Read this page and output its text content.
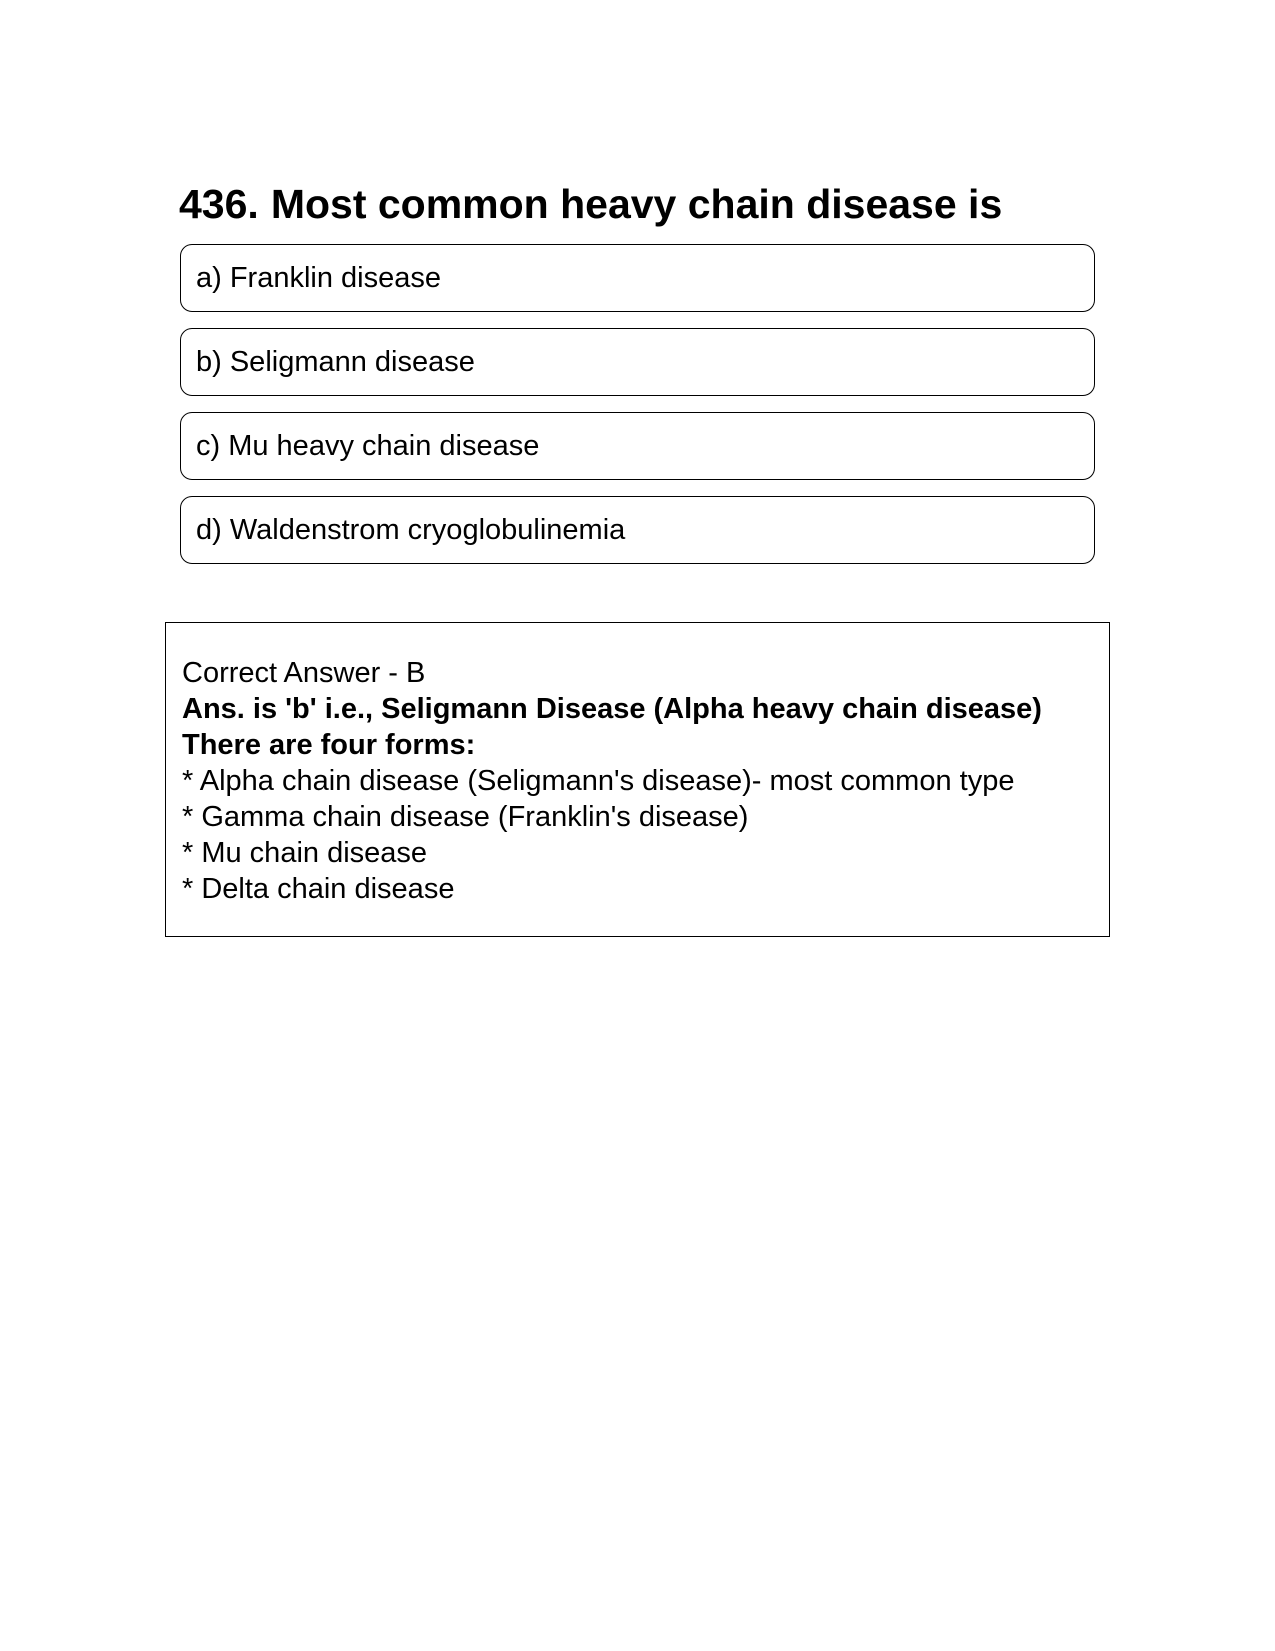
436. Most common heavy chain disease is
a) Franklin disease
b) Seligmann disease
c) Mu heavy chain disease
d) Waldenstrom cryoglobulinemia
Correct Answer - B
Ans. is 'b' i.e., Seligmann Disease (Alpha heavy chain disease)
There are four forms:
* Alpha chain disease (Seligmann's disease)- most common type
* Gamma chain disease (Franklin's disease)
* Mu chain disease
* Delta chain disease
